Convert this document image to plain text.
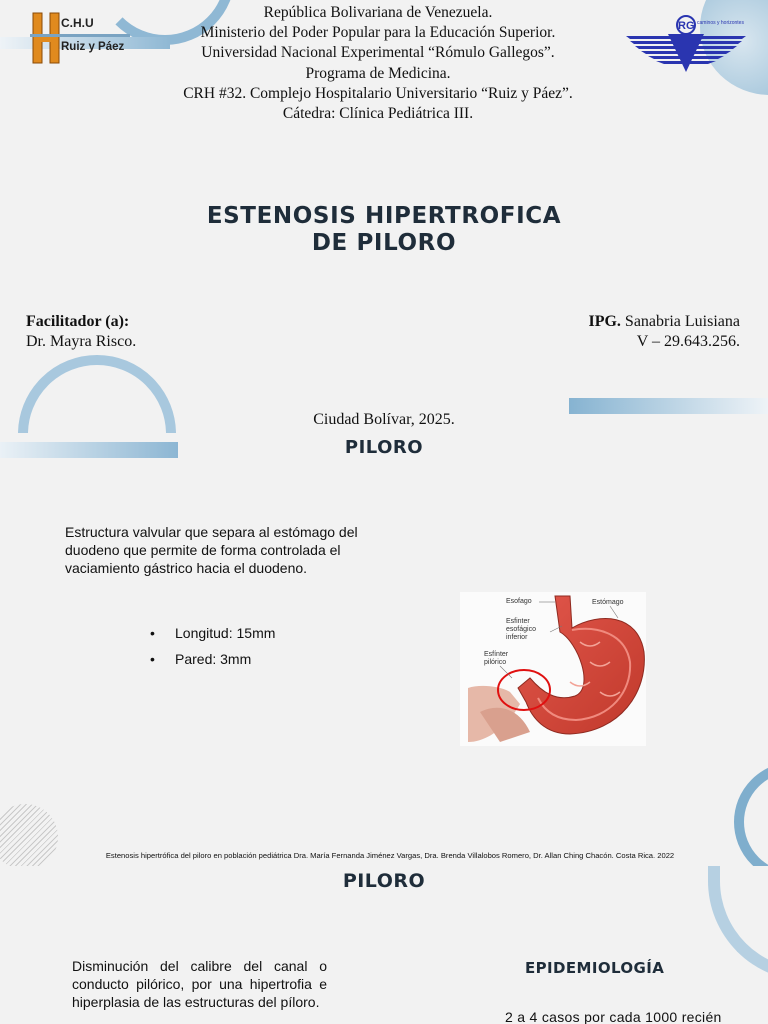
C.H.U
Ruiz y Páez
RG caminos y horizontes
República Bolivariana de Venezuela.
Ministerio del Poder Popular para la Educación Superior.
Universidad Nacional Experimental “Rómulo Gallegos”.
Programa de Medicina.
CRH #32. Complejo Hospitalario Universitario “Ruiz y Páez”.
Cátedra: Clínica Pediátrica III.
ESTENOSIS HIPERTROFICA
DE PILORO
Facilitador (a):
Dr. Mayra Risco.
IPG. Sanabria Luisiana
V – 29.643.256.
Ciudad Bolívar, 2025.
PILORO
Estructura valvular que separa al estómago del duodeno que permite de forma controlada el vaciamiento gástrico hacia el duodeno.
• Longitud: 15mm
• Pared: 3mm
Esofago	Estómago
Esfinter
esofágico
inferior
Esfínter
pilórico
Estenosis hipertrófica del piloro en población pediátrica Dra. María Fernanda Jiménez Vargas, Dra. Brenda Villalobos Romero, Dr. Allan Ching Chacón. Costa Rica. 2022
PILORO
Disminución del calibre del canal o conducto pilórico, por una hipertrofia e hiperplasia de las estructuras del píloro.
EPIDEMIOLOGÍA
2 a 4 casos por cada 1000 recién
